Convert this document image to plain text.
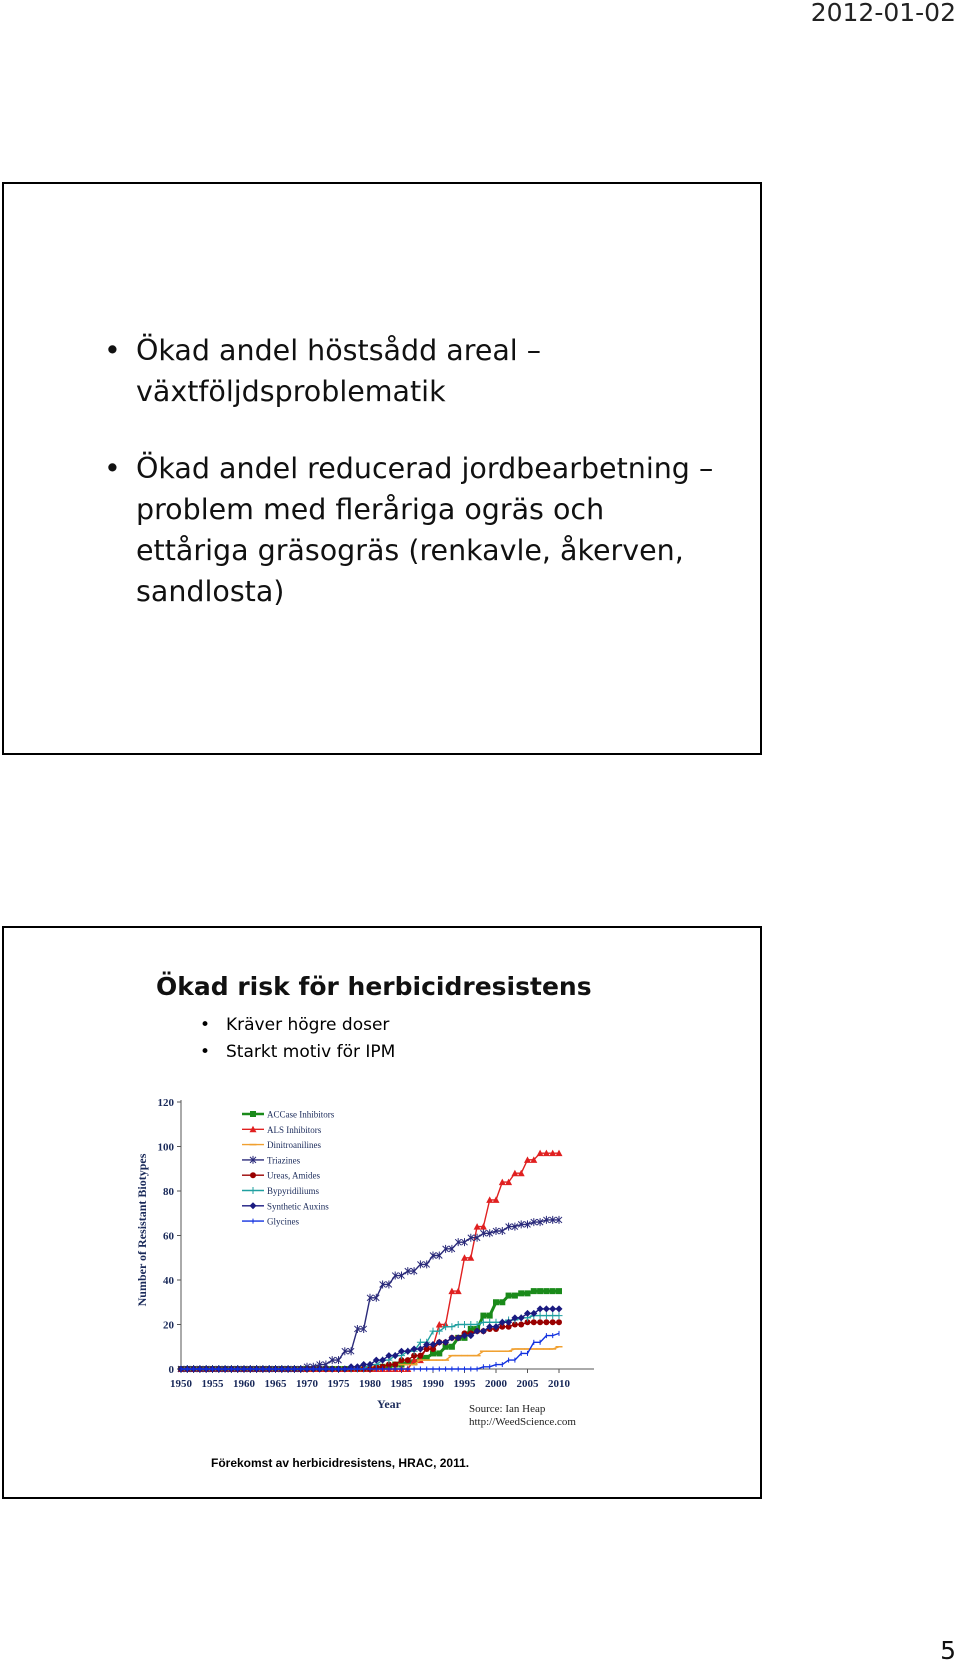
2012-01-02
• Ökad andel höstsådd areal – växtföljdsproblematik
• Ökad andel reducerad jordbearbetning – problem med fleråriga ogräs och ettåriga gräsogräs (renkavle, åkerven, sandlosta)
Ökad risk för herbicidresistens
• Kräver högre doser
• Starkt motiv för IPM
0
20
40
60
80
100
120
1950 1955 1960 1965 1970 1975 1980 1985 1990 1995 2000 2005 2010
ACCase Inhibitors
ALS Inhibitors
Dinitroanilines
Triazines
Ureas, Amides
Bypyridiliums
Synthetic Auxins
Glycines
Number of Resistant Biotypes
Year	Source: Ian Heap
http://WeedScience.com
Förekomst av herbicidresistens, HRAC, 2011.
5
